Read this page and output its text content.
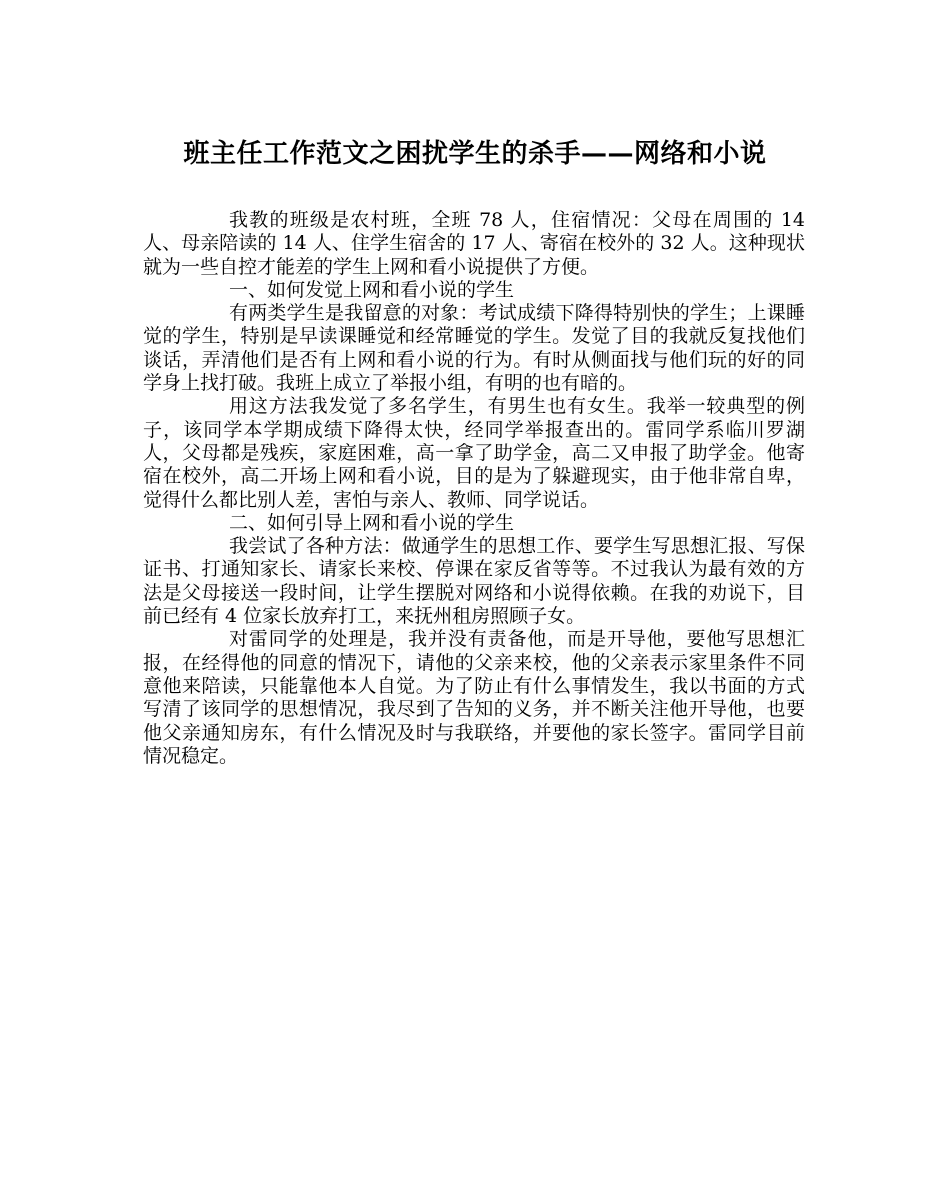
班主任工作范文之困扰学生的杀手——网络和小说

我教的班级是农村班，全班 78 人，住宿情况：父母在周围的 14 人、母亲陪读的 14 人、住学生宿舍的 17 人、寄宿在校外的 32 人。这种现状就为一些自控才能差的学生上网和看小说提供了方便。

一、如何发觉上网和看小说的学生

有两类学生是我留意的对象：考试成绩下降得特别快的学生；上课睡觉的学生，特别是早读课睡觉和经常睡觉的学生。发觉了目的我就反复找他们谈话，弄清他们是否有上网和看小说的行为。有时从侧面找与他们玩的好的同学身上找打破。我班上成立了举报小组，有明的也有暗的。

用这方法我发觉了多名学生，有男生也有女生。我举一较典型的例子，该同学本学期成绩下降得太快，经同学举报查出的。雷同学系临川罗湖人，父母都是残疾，家庭困难，高一拿了助学金，高二又申报了助学金。他寄宿在校外，高二开场上网和看小说，目的是为了躲避现实，由于他非常自卑，觉得什么都比别人差，害怕与亲人、教师、同学说话。

二、如何引导上网和看小说的学生

我尝试了各种方法：做通学生的思想工作、要学生写思想汇报、写保证书、打通知家长、请家长来校、停课在家反省等等。不过我认为最有效的方法是父母接送一段时间，让学生摆脱对网络和小说得依赖。在我的劝说下，目前已经有 4 位家长放弃打工，来抚州租房照顾子女。

对雷同学的处理是，我并没有责备他，而是开导他，要他写思想汇报，在经得他的同意的情况下，请他的父亲来校，他的父亲表示家里条件不同意他来陪读，只能靠他本人自觉。为了防止有什么事情发生，我以书面的方式写清了该同学的思想情况，我尽到了告知的义务，并不断关注他开导他，也要他父亲通知房东，有什么情况及时与我联络，并要他的家长签字。雷同学目前情况稳定。
